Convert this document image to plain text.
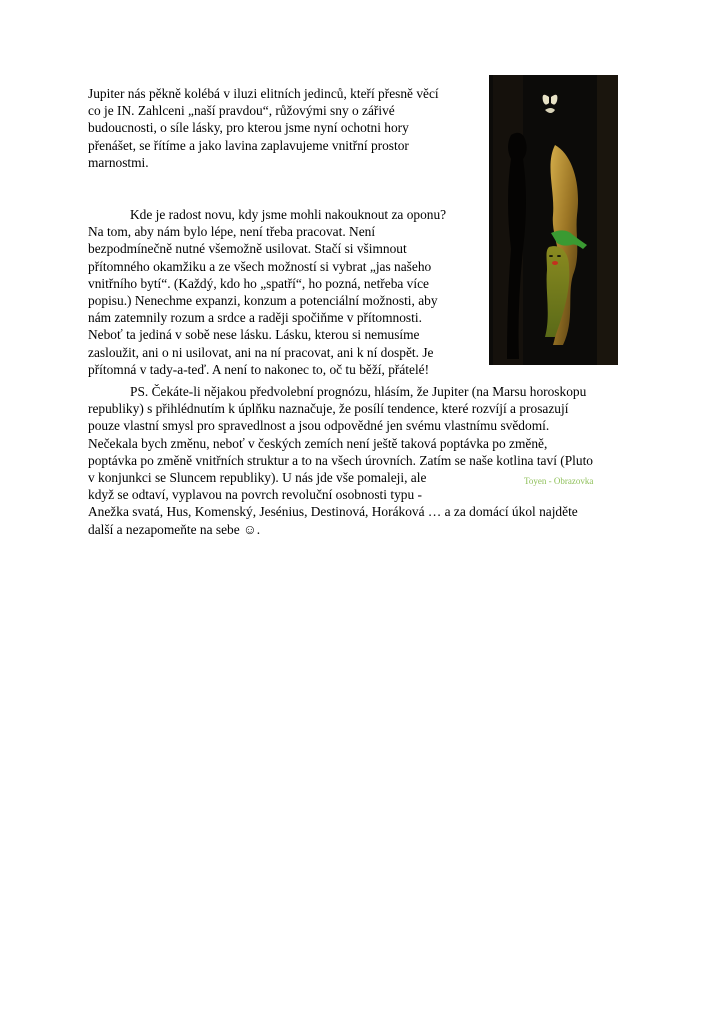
Jupiter nás pěkně kolébá v iluzi elitních jedinců, kteří přesně věcí
co je IN. Zahlceni „naší pravdou“, růžovými sny o zářivé
budoucnosti, o síle lásky, pro kterou jsme nyní ochotni hory
přenášet, se řítíme a jako lavina zaplavujeme vnitřní prostor
marnostmi.
Kde je radost novu, kdy jsme mohli nakouknout za oponu?
Na tom, aby nám bylo lépe, není třeba pracovat. Není
bezpodmínečně nutné všemožně usilovat. Stačí si všimnout
přítomného okamžiku a ze všech možností si vybrat „jas našeho
vnitřního bytí“. (Každý, kdo ho „spatří“, ho pozná, netřeba více
popisu.) Nenechme expanzi, konzum a potenciální možnosti, aby
nám zatemnily rozum a srdce a raději spočiňme v přítomnosti.
Neboť ta jediná v sobě nese lásku. Lásku, kterou si nemusíme
zasloužit, ani o ni usilovat, ani na ní pracovat, ani k ní dospět. Je
přítomná v tady-a-teď. A není to nakonec to, oč tu běží, přátelé!
PS. Čekáte-li nějakou předvolební prognózu, hlásím, že Jupiter (na Marsu horoskopu
republiky) s přihlédnutím k úplňku naznačuje, že posílí tendence, které rozvíjí a prosazují
pouze vlastní smysl pro spravedlnost a jsou odpovědné jen svému vlastnímu svědomí.
Nečekala bych změnu, neboť v českých zemích není ještě taková poptávka po změně,
poptávka po změně vnitřních struktur a to na všech úrovních. Zatím se naše kotlina taví (Pluto
v konjunkci se Sluncem republiky). U nás jde vše pomaleji, ale
když se odtaví, vyplavou na povrch revoluční osobnosti typu -
Anežka svatá, Hus, Komenský, Jesénius, Destinová, Horáková … a za domácí úkol najděte
další a nezapomeňte na sebe ☺.
Toyen - Obrazovka
